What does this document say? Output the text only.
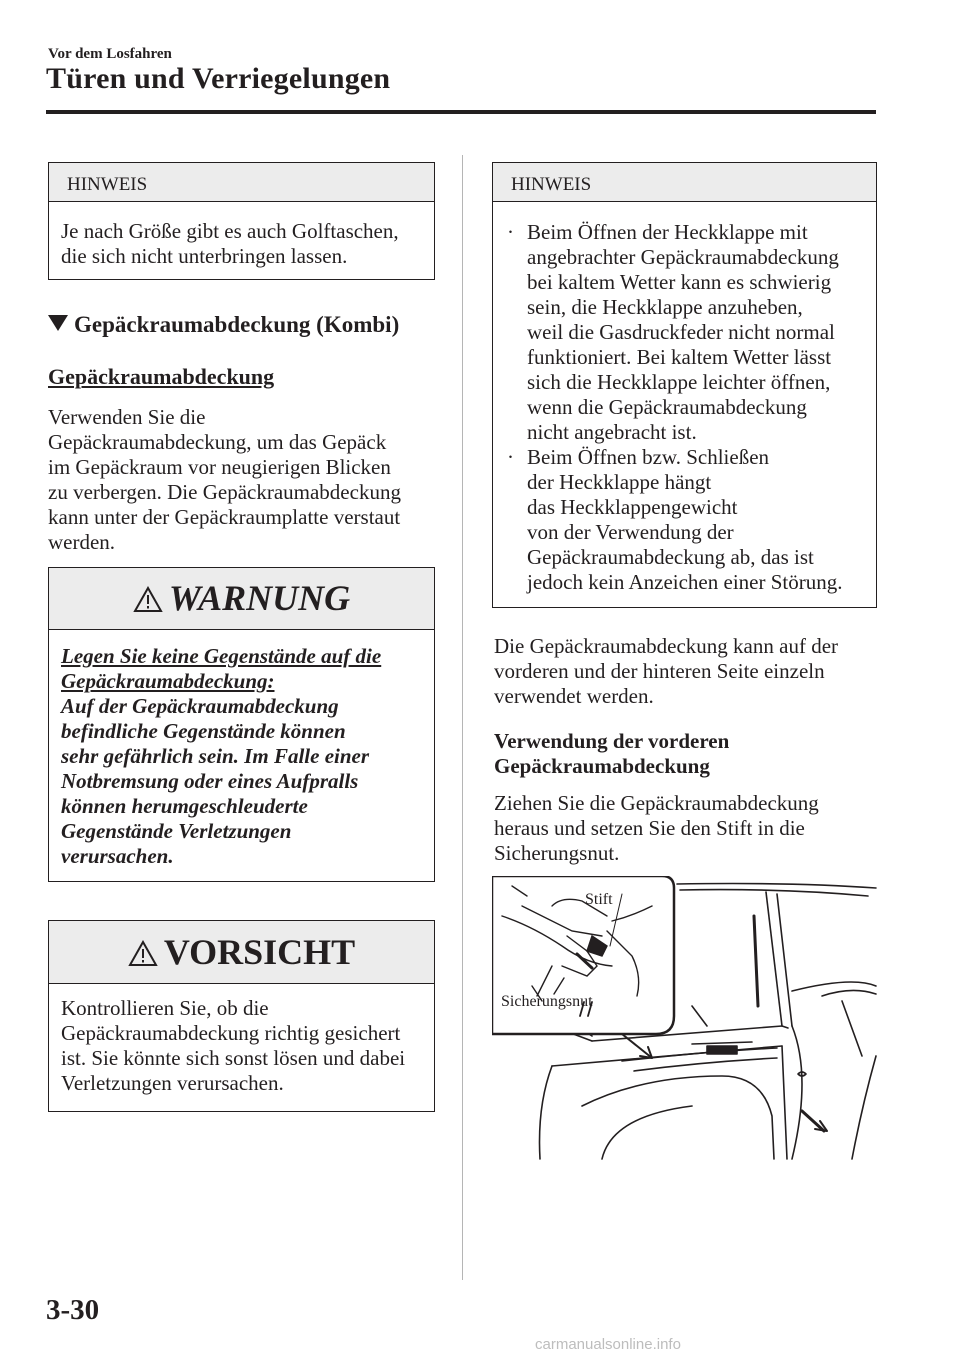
Vor dem Losfahren
Türen und Verriegelungen
HINWEIS
Je nach Größe gibt es auch Golftaschen,
die sich nicht unterbringen lassen.
Gepäckraumabdeckung (Kombi)
Gepäckraumabdeckung
Verwenden Sie die
Gepäckraumabdeckung, um das Gepäck
im Gepäckraum vor neugierigen Blicken
zu verbergen. Die Gepäckraumabdeckung
kann unter der Gepäckraumplatte verstaut
werden.
WARNUNG
Legen Sie keine Gegenstände auf die
Gepäckraumabdeckung:
Auf der Gepäckraumabdeckung
befindliche Gegenstände können
sehr gefährlich sein. Im Falle einer
Notbremsung oder eines Aufpralls
können herumgeschleuderte
Gegenstände Verletzungen
verursachen.
VORSICHT
Kontrollieren Sie, ob die
Gepäckraumabdeckung richtig gesichert
ist. Sie könnte sich sonst lösen und dabei
Verletzungen verursachen.
HINWEIS
· Beim Öffnen der Heckklappe mit
angebrachter Gepäckraumabdeckung
bei kaltem Wetter kann es schwierig
sein, die Heckklappe anzuheben,
weil die Gasdruckfeder nicht normal
funktioniert. Bei kaltem Wetter lässt
sich die Heckklappe leichter öffnen,
wenn die Gepäckraumabdeckung
nicht angebracht ist.
· Beim Öffnen bzw. Schließen
der Heckklappe hängt
das Heckklappengewicht
von der Verwendung der
Gepäckraumabdeckung ab, das ist
jedoch kein Anzeichen einer Störung.
Die Gepäckraumabdeckung kann auf der
vorderen und der hinteren Seite einzeln
verwendet werden.
Verwendung der vorderen
Gepäckraumabdeckung
Ziehen Sie die Gepäckraumabdeckung
heraus und setzen Sie den Stift in die
Sicherungsnut.
Stift
Sicherungsnut
3-30
carmanualsonline.info
